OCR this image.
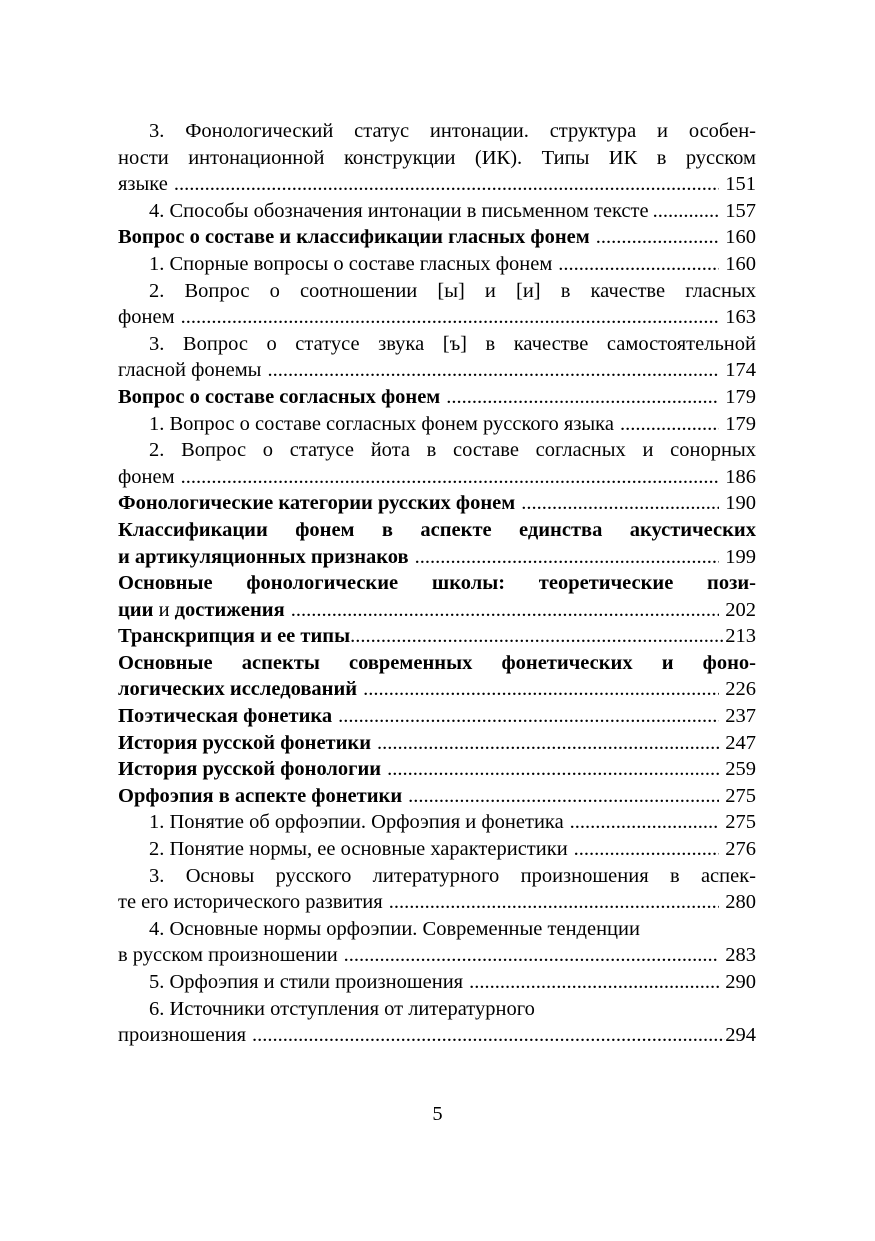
3. Фонологический статус интонации. структура и особен-
ности интонационной конструкции (ИК). Типы ИК в русском
языке .....	151
4. Способы обозначения интонации в письменном тексте .....	157
Вопрос о составе и классификации гласных фонем .....	160
1. Спорные вопросы о составе гласных фонем .....	160
2. Вопрос о соотношении [ы] и [и] в качестве гласных
фонем .....	163
3. Вопрос о статусе звука [ъ] в качестве самостоятельной
гласной фонемы .....	174
Вопрос о составе согласных фонем .....	179
1. Вопрос о составе согласных фонем русского языка .....	179
2. Вопрос о статусе йота в составе согласных и сонорных
фонем .....	186
Фонологические категории русских фонем .....	190
Классификации фонем в аспекте единства акустических
и артикуляционных признаков .....	199
Основные фонологические школы: теоретические пози-
ции
и
достижения .....	202
Транскрипция и ее типы .....	213
Основные аспекты современных фонетических и фоно-
логических исследований .....	226
Поэтическая фонетика .....	237
История русской фонетики .....	247
История русской фонологии .....	259
Орфоэпия в аспекте фонетики .....	275
1. Понятие об орфоэпии. Орфоэпия и фонетика .....	275
2. Понятие нормы, ее основные характеристики .....	276
3. Основы русского литературного произношения в аспек-
те его исторического развития .....	280
4. Основные нормы орфоэпии. Современные тенденции
в русском произношении .....	283
5. Орфоэпия и стили произношения .....	290
6. Источники отступления от литературного
произношения .....	294
5
